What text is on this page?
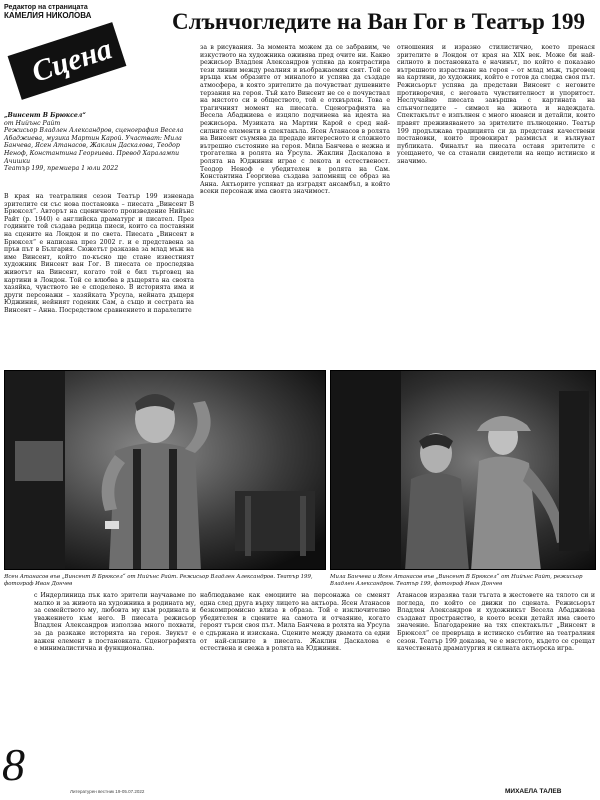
Редактор на страницата
КАМЕЛИЯ НИКОЛОВА
Сцена
Слънчогледите на Ван Гог в Театър 199
„Винсент В Брюксел“
от Нийънс Райт
Режисьор Владлен Александров, сценография Весела Абаджиева, музика Мартин Карой. Участват: Мила Банчева, Ясен Атанасов, Жаклин Даскалова, Теодор Неноф, Константина Георгиева. Превод Харалампи Ачишки
Театър 199, премиера 1 юли 2022
В края на театралния сезон Театър 199 изненада зрителите си със нова постановка – пиесата „Винсент В Брюксел“. Авторът на сценичното произведение Нийънс Райт (р. 1940) е английска драматург и писател. През годините той създава редица пиеси, които са поставяни на сцените на Лондон и по света. Пиесата „Винсент в Брюксел“ е написана през 2002 г. и е представена за пръв път в България. Сюжетът разказва за млад мъж на име Винсент, който по-късно ще стане известният художник Винсент ван Гог. В пиесата се проследява животът на Винсент, когато той е бил търговец на картини в Лондон. Той се влюбва в дъщерята на своята хазяйка, чувството не е споделено. В историята има и други персонажи – хазяйката Урсула, нейната дъщеря Юджиния, нейният годеник Сам, а също и сестрата на Винсент – Анна. Посредством сравнението и паралелите
за в рисувания. За момента можем да се забравим, че изкуството на художника оживява пред очите ни. Какво режисьор Владлен Александров успява да контрастира тези линии между реалния и въображаемия свят. Той се връща към образите от миналото и успява да създаде атмосфера, в която зрителите да почувстват душевните терзания на героя. Тъй като Винсент не се е почувствал на мястото си в обществото, той е отхвърлен. Това е трагичният момент на пиесата. Сценографията на Весела Абаджиева е изцяло подчинена на идеята на режисьора. Музиката на Мартин Карой е сред най-силните елементи в спектакъла. Ясен Атанасов в ролята на Винсент съумява да предаде интересното и сложното вътрешно състояние на героя. Мила Банчева е нежна и трогателна в ролята на Урсула. Жаклин Даскалова в ролята на Юджиния играе с лекота и естественост. Теодор Неноф е убедителен в ролята на Сам. Константина Георгиева създава запомнящ се образ на Анна. Актьорите успяват да изградят ансамбъл, в който всеки персонаж има своята значимост.
отношения и изразно стилистично, което пренася зрителите в Лондон от края на XIX век. Може би най-силното в постановката е начинът, по който е показано вътрешното израстване на героя – от млад мъж, търговец на картини, до художник, който е готов да следва своя път. Режисьорът успява да представи Винсент с неговите противоречия, с неговата чувствителност и упоритост. Неслучайно пиесата завършва с картината на слънчогледите – символ на живота и надеждата. Спектакълът е изпълнен с много нюанси и детайли, които правят преживяването за зрителите пълноценно. Театър 199 продължава традицията си да представя качествени постановки, които провокират размисъл и вълнуват публиката. Финалът на пиесата оставя зрителите с усещането, че са станали свидетели на нещо истинско и значимо.
Ясен Атанасов във „Винсент В Брюксел“ от Нийънс Райт. Режисьор Владлен Александров. Театър 199, фотограф Иван Дончев
Мила Банчева и Ясен Атанасов във „Винсент В Брюксел“ от Нийънс Райт, режисьор Владлен Александров. Театър 199, фотограф Иван Дончев
с Индерлиница пък като зрители научаваме по малко и за живота на художника в родината му, за семейството му, любовта му към родината и уважението към него. В пиесата режисьор Владлен Александров използва много похвати, за да разкаже историята на героя. Звукът е важен елемент в постановката. Сценографията е минималистична и функционална.
наблюдаваме как емоциите на персонажа се сменят една след друга върху лицето на актьора. Ясен Атанасов безкомпромисно влиза в образа. Той е изключително убедителен в сцените на самота и отчаяние, когато героят търси своя път. Мила Банчева в ролята на Урсула е сдържана и изискана. Сцените между двамата са едни от най-силните в пиесата. Жаклин Даскалова е естествена и свежа в ролята на Юджиния.
Атанасов изразява тази тъгата в жестовете на тялото си и погледа, по който се движи по сцената. Режисьорът Владлен Александров и художникът Весела Абаджиева създават пространство, в което всеки детайл има своето значение. Благодарение на тях спектакълът „Винсент в Брюксел“ се превръща в истинско събитие на театралния сезон. Театър 199 доказва, че е мястото, където се срещат качествената драматургия и силната актьорска игра.
8
Литературен вестник 19-05.07.2022	МИХАЕЛА ТАЛЕВ
